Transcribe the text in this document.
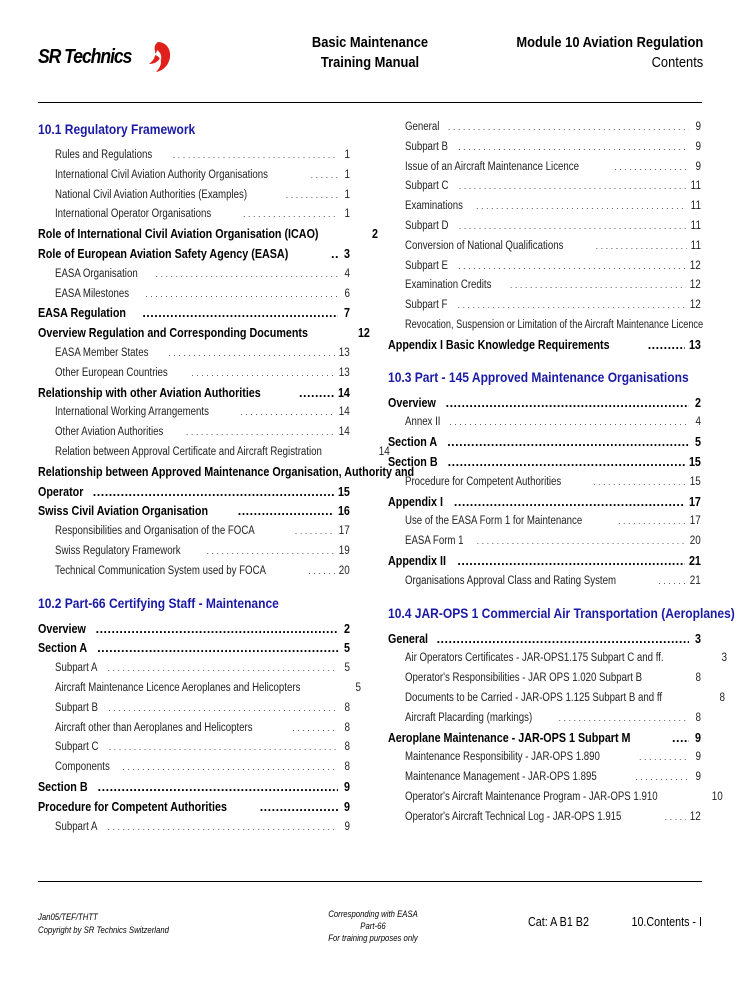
SR Technics
Basic Maintenance
Training Manual
Module 10 Aviation Regulation
Contents
10.1 Regulatory Framework
Rules and Regulations . . .	1
International Civil Aviation Authority Organisations . . .	1
National Civil Aviation Authorities (Examples) . . .	1
International Operator Organisations . . .	1
Role of International Civil Aviation Organisation (ICAO)	2
Role of European Aviation Safety Agency (EASA) .....	3
EASA Organisation . . .	4
EASA Milestones . . .	6
EASA Regulation .....	7
Overview Regulation and Corresponding Documents	12
EASA Member States . . .	13
Other European Countries . . .	13
Relationship with other Aviation Authorities .....	14
International Working Arrangements . . .	14
Other Aviation Authorities . . .	14
Relation between Approval Certificate and Aircraft Registration	14
Relationship between Approved Maintenance Organisation, Authority and
Operator .....	15
Swiss Civil Aviation Organisation .....	16
Responsibilities and Organisation of the FOCA . . .	17
Swiss Regulatory Framework . . .	19
Technical Communication System used by FOCA . . .	20
10.2 Part-66 Certifying Staff - Maintenance
Overview .....	2
Section A .....	5
Subpart A . . .	5
Aircraft Maintenance Licence Aeroplanes and Helicopters	5
Subpart B . . .	8
Aircraft other than Aeroplanes and Helicopters . . .	8
Subpart C . . .	8
Components . . .	8
Section B .....	9
Procedure for Competent Authorities .....	9
Subpart A . . .	9
General . . .	9
Subpart B . . .	9
Issue of an Aircraft Maintenance Licence . . .	9
Subpart C . . .	11
Examinations . . .	11
Subpart D . . .	11
Conversion of National Qualifications . . .	11
Subpart E . . .	12
Examination Credits . . .	12
Subpart F . . .	12
Revocation, Suspension or Limitation of the Aircraft Maintenance Licence
Appendix I Basic Knowledge Requirements .....	13
10.3 Part - 145 Approved Maintenance Organisations
Overview .....	2
Annex II . . .	4
Section A .....	5
Section B .....	15
Procedure for Competent Authorities . . .	15
Appendix I .....	17
Use of the EASA Form 1 for Maintenance . . .	17
EASA Form 1 . . .	20
Appendix II .....	21
Organisations Approval Class and Rating System . . .	21
10.4 JAR-OPS 1 Commercial Air Transportation (Aeroplanes)
General .....	3
Air Operators Certificates - JAR-OPS1.175 Subpart C and ff.	3
Operator's Responsibilities - JAR OPS 1.020 Subpart B	8
Documents to be Carried - JAR-OPS 1.125 Subpart B and ff	8
Aircraft Placarding (markings) . . .	8
Aeroplane Maintenance - JAR-OPS 1 Subpart M .....	9
Maintenance Responsibility - JAR-OPS 1.890 . . .	9
Maintenance Management - JAR-OPS 1.895 . . .	9
Operator's Aircraft Maintenance Program - JAR-OPS 1.910	10
Operator's Aircraft Technical Log - JAR-OPS 1.915 . . .	12
Jan05/TEF/THTT
Copyright by SR Technics Switzerland
Corresponding with EASA Part-66
For training purposes only
Cat: A B1 B2	10.Contents - I
